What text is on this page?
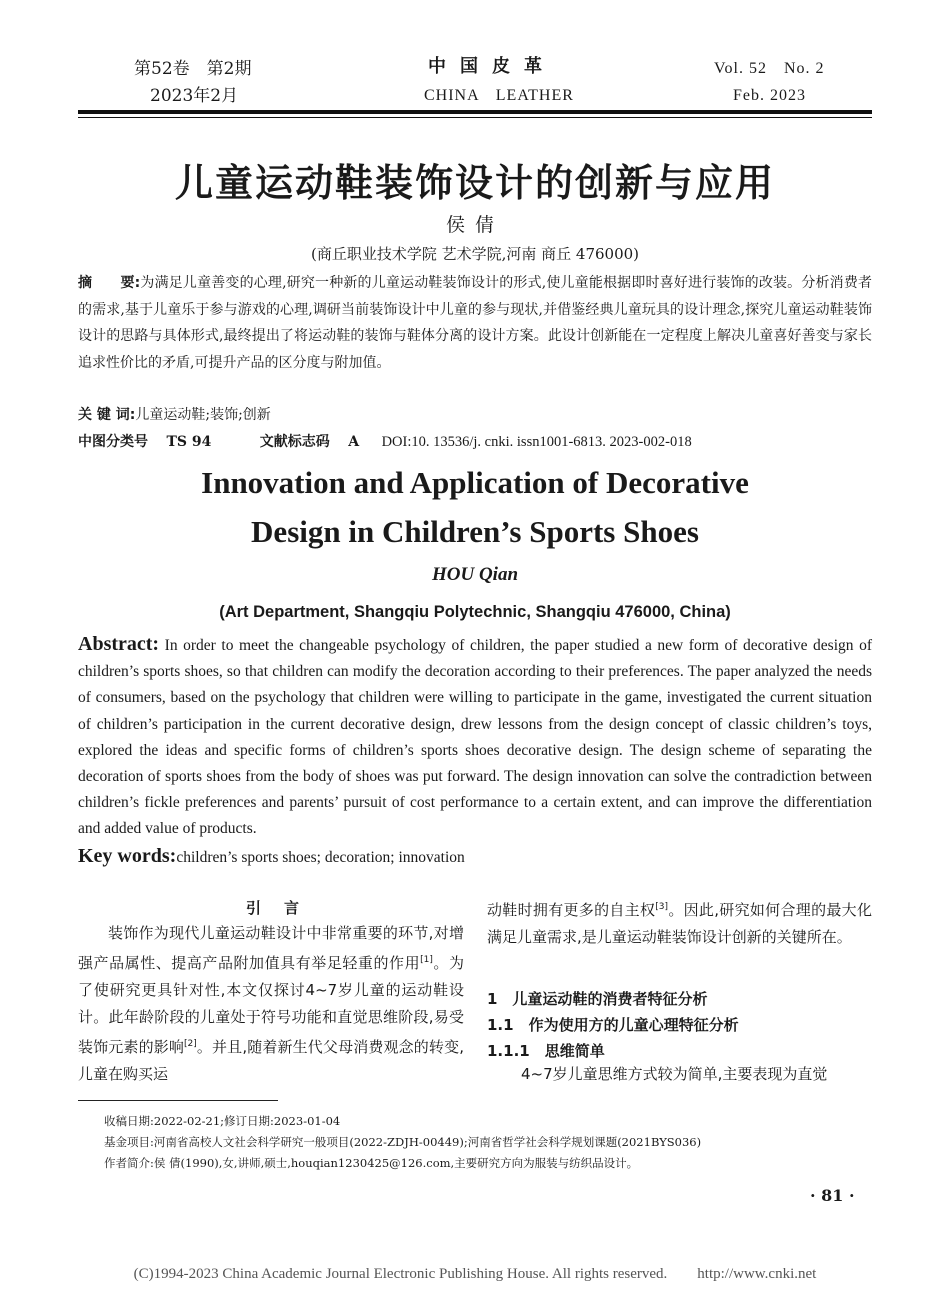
第52卷　第2期
2023年2月
中国皮革
CHINA　LEATHER
Vol. 52　No. 2
Feb. 2023
儿童运动鞋装饰设计的创新与应用
侯倩
(商丘职业技术学院 艺术学院,河南 商丘 476000)
摘　　要:为满足儿童善变的心理,研究一种新的儿童运动鞋装饰设计的形式,使儿童能根据即时喜好进行装饰的改装。分析消费者的需求,基于儿童乐于参与游戏的心理,调研当前装饰设计中儿童的参与现状,并借鉴经典儿童玩具的设计理念,探究儿童运动鞋装饰设计的思路与具体形式,最终提出了将运动鞋的装饰与鞋体分离的设计方案。此设计创新能在一定程度上解决儿童喜好善变与家长追求性价比的矛盾,可提升产品的区分度与附加值。
关 键 词:儿童运动鞋;装饰;创新
中图分类号 TS 94	文献标志码 A DOI:10. 13536/j. cnki. issn1001-6813. 2023-002-018
Innovation and Application of Decorative
Design in Children’s Sports Shoes
HOU Qian
(Art Department, Shangqiu Polytechnic, Shangqiu 476000, China)
Abstract: In order to meet the changeable psychology of children, the paper studied a new form of decorative design of children’s sports shoes, so that children can modify the decoration according to their preferences. The paper analyzed the needs of consumers, based on the psychology that children were willing to participate in the game, investigated the current situation of children’s participation in the current decorative design, drew lessons from the design concept of classic children’s toys, explored the ideas and specific forms of children’s sports shoes decorative design. The design scheme of separating the decoration of sports shoes from the body of shoes was put forward. The design innovation can solve the contradiction between children’s fickle preferences and parents’ pursuit of cost performance to a certain extent, and can improve the differentiation and added value of products.
Key words:children’s sports shoes; decoration; innovation
引　言
装饰作为现代儿童运动鞋设计中非常重要的环节,对增强产品属性、提高产品附加值具有举足轻重的作用[1]。为了使研究更具针对性,本文仅探讨4~7岁儿童的运动鞋设计。此年龄阶段的儿童处于符号功能和直觉思维阶段,易受装饰元素的影响[2]。并且,随着新生代父母消费观念的转变,儿童在购买运
动鞋时拥有更多的自主权[3]。因此,研究如何合理的最大化满足儿童需求,是儿童运动鞋装饰设计创新的关键所在。
1　儿童运动鞋的消费者特征分析
1.1　作为使用方的儿童心理特征分析
1.1.1　思维简单
4~7岁儿童思维方式较为简单,主要表现为直觉
收稿日期:2022-02-21;修订日期:2023-01-04
基金项目:河南省高校人文社会科学研究一般项目(2022-ZDJH-00449);河南省哲学社会科学规划课题(2021BYS036)
作者简介:侯 倩(1990),女,讲师,硕士,houqian1230425@126.com,主要研究方向为服装与纺织品设计。
· 81 ·
(C)1994-2023 China Academic Journal Electronic Publishing House. All rights reserved.　　http://www.cnki.net
